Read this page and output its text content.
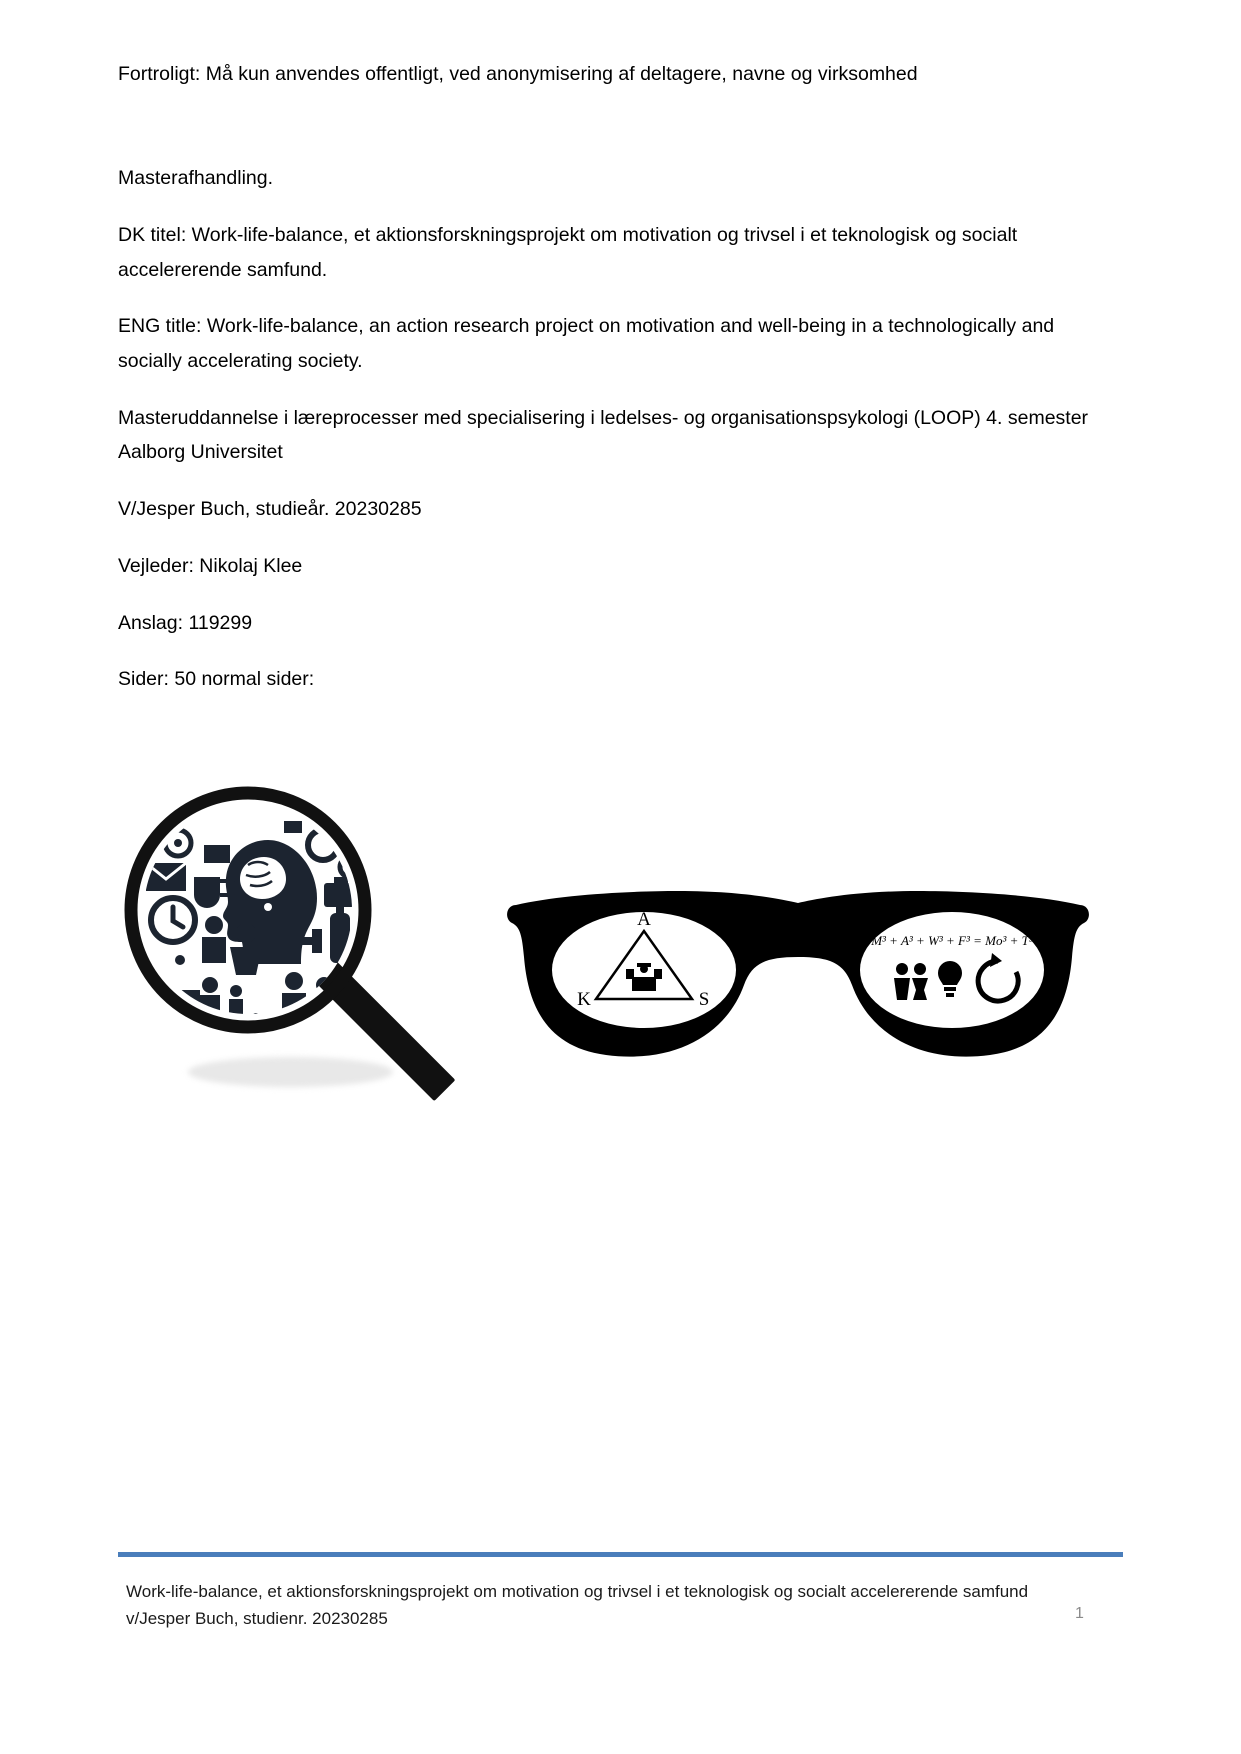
Fortroligt: Må kun anvendes offentligt, ved anonymisering af deltagere, navne og virksomhed

Masterafhandling.

DK titel: Work-life-balance, et aktionsforskningsprojekt om motivation og trivsel i et teknologisk og socialt accelererende samfund.

ENG title: Work-life-balance, an action research project on motivation and well-being in a technologically and socially accelerating society.

Masteruddannelse i læreprocesser med specialisering i ledelses- og organisationspsykologi (LOOP) 4. semester Aalborg Universitet

V/Jesper Buch, studieår. 20230285

Vejleder: Nikolaj Klee

Anslag: 119299

Sider: 50 normal sider:

A
K	S
M³ + A³ + W³ + F³ = Mo³ + T³
Work-life-balance, et aktionsforskningsprojekt om motivation og trivsel i et teknologisk og socialt accelererende samfund v/Jesper Buch, studienr. 20230285	1
